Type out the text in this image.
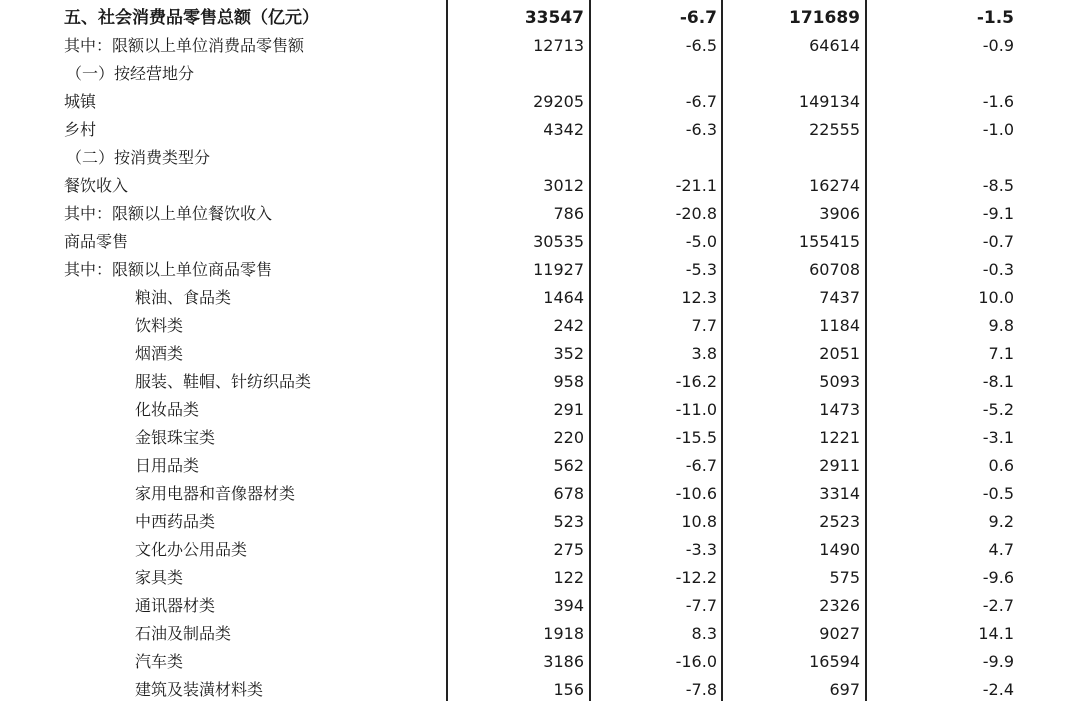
五、社会消费品零售总额（亿元）	33547	-6.7	171689	-1.5
其中：限额以上单位消费品零售额	12713	-6.5	64614	-0.9
（一）按经营地分
城镇	29205	-6.7	149134	-1.6
乡村	4342	-6.3	22555	-1.0
（二）按消费类型分
餐饮收入	3012	-21.1	16274	-8.5
其中：限额以上单位餐饮收入	786	-20.8	3906	-9.1
商品零售	30535	-5.0	155415	-0.7
其中：限额以上单位商品零售	11927	-5.3	60708	-0.3
粮油、食品类	1464	12.3	7437	10.0
饮料类	242	7.7	1184	9.8
烟酒类	352	3.8	2051	7.1
服装、鞋帽、针纺织品类	958	-16.2	5093	-8.1
化妆品类	291	-11.0	1473	-5.2
金银珠宝类	220	-15.5	1221	-3.1
日用品类	562	-6.7	2911	0.6
家用电器和音像器材类	678	-10.6	3314	-0.5
中西药品类	523	10.8	2523	9.2
文化办公用品类	275	-3.3	1490	4.7
家具类	122	-12.2	575	-9.6
通讯器材类	394	-7.7	2326	-2.7
石油及制品类	1918	8.3	9027	14.1
汽车类	3186	-16.0	16594	-9.9
建筑及装潢材料类	156	-7.8	697	-2.4
